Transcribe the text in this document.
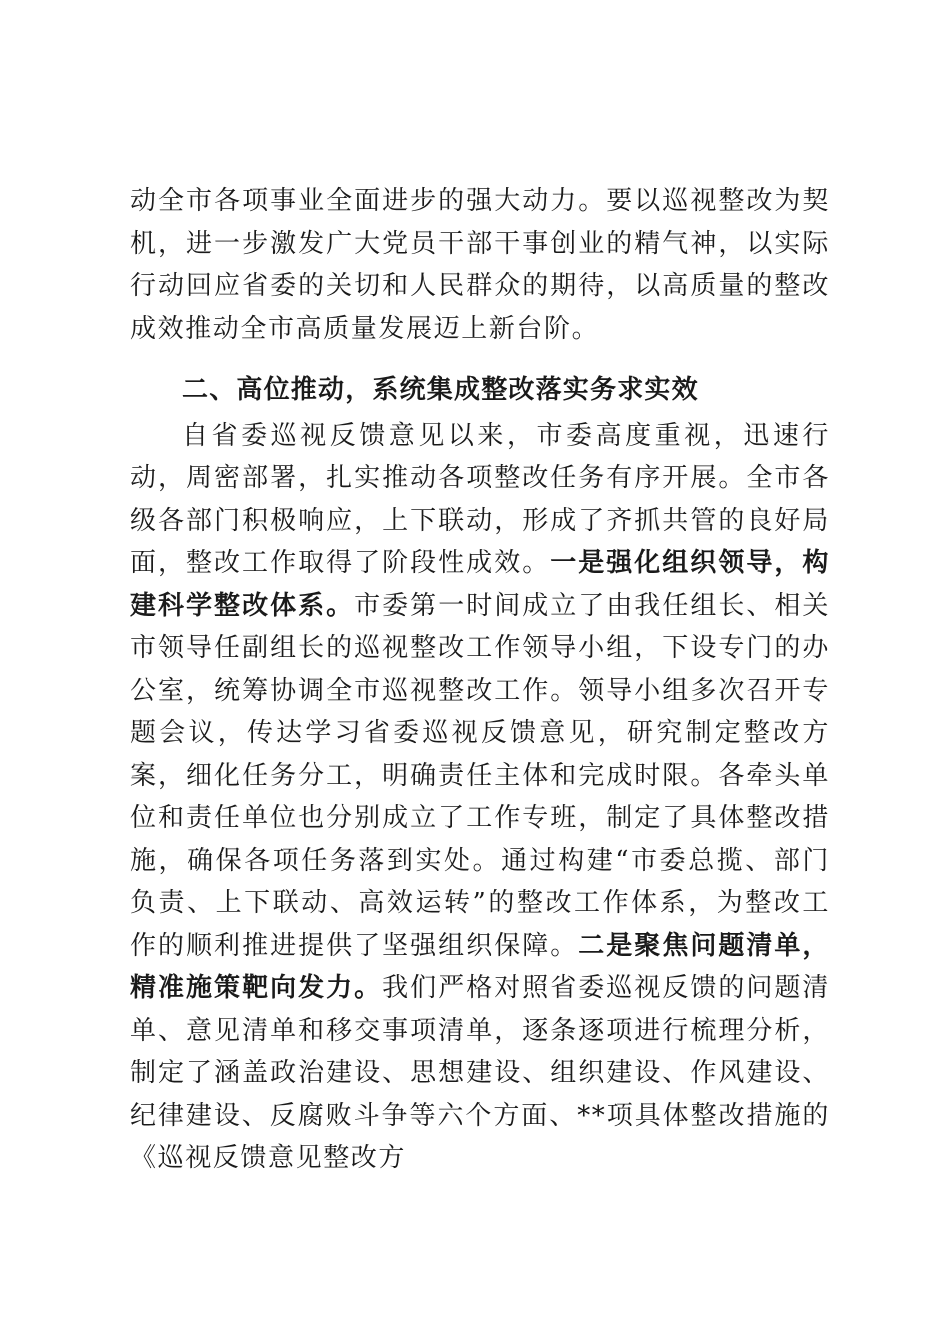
动全市各项事业全面进步的强大动力。要以巡视整改为契机，进一步激发广大党员干部干事创业的精气神，以实际行动回应省委的关切和人民群众的期待，以高质量的整改成效推动全市高质量发展迈上新台阶。

二、高位推动，系统集成整改落实务求实效

自省委巡视反馈意见以来，市委高度重视，迅速行动，周密部署，扎实推动各项整改任务有序开展。全市各级各部门积极响应，上下联动，形成了齐抓共管的良好局面，整改工作取得了阶段性成效。一是强化组织领导，构建科学整改体系。市委第一时间成立了由我任组长、相关市领导任副组长的巡视整改工作领导小组，下设专门的办公室，统筹协调全市巡视整改工作。领导小组多次召开专题会议，传达学习省委巡视反馈意见，研究制定整改方案，细化任务分工，明确责任主体和完成时限。各牵头单位和责任单位也分别成立了工作专班，制定了具体整改措施，确保各项任务落到实处。通过构建“市委总揽、部门负责、上下联动、高效运转”的整改工作体系，为整改工作的顺利推进提供了坚强组织保障。二是聚焦问题清单，精准施策靶向发力。我们严格对照省委巡视反馈的问题清单、意见清单和移交事项清单，逐条逐项进行梳理分析，制定了涵盖政治建设、思想建设、组织建设、作风建设、纪律建设、反腐败斗争等六个方面、**项具体整改措施的《巡视反馈意见整改方
